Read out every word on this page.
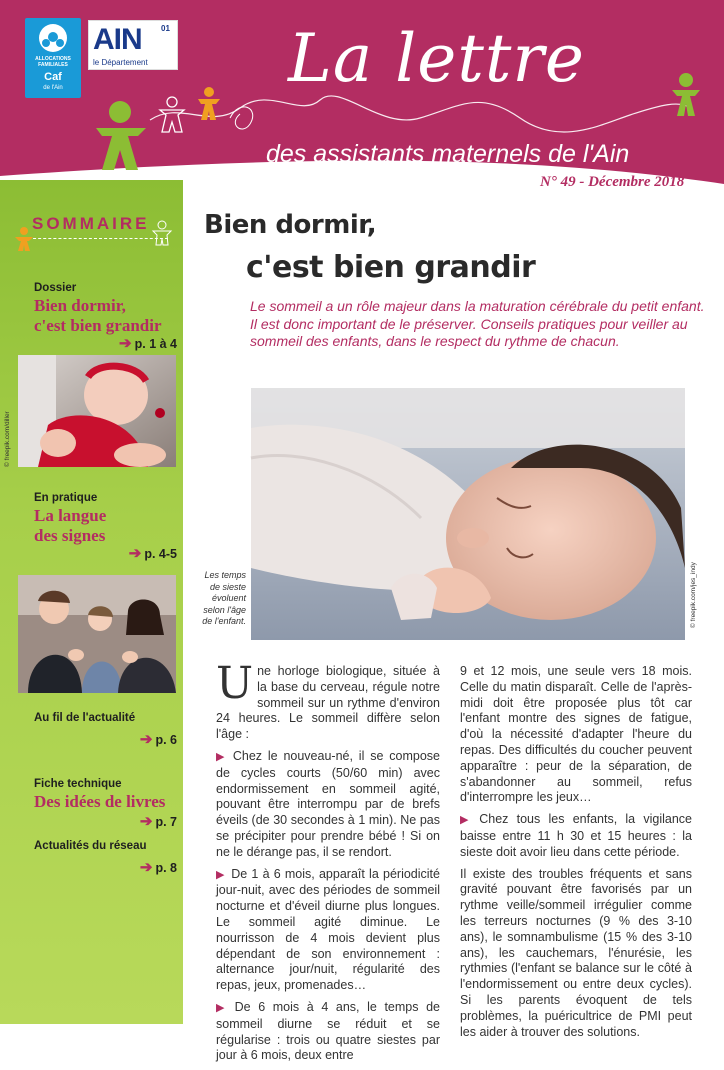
ALLOCATIONS
FAMILIALES
Caf
de l'Ain
AIN 01
le Département La lettre
des assistants maternels de l'Ain
SOMMAIRE
Dossier
Bien dormir,
c'est bien grandir
➔ p. 1 à 4
© freepik.com/diller
En pratique
La langue
des signes
➔ p. 4-5
Au fil de l'actualité
➔ p. 6
Fiche technique
Des idées de livres
➔ p. 7
Actualités du réseau
➔ p. 8
N° 49 - Décembre 2018
Bien dormir,
c'est bien grandir
Le sommeil a un rôle majeur dans la maturation cérébrale du petit enfant. Il est donc important de le préserver. Conseils pratiques pour veiller au sommeil des enfants, dans le respect du rythme de chacun.
© freepik.com/jes_indy
Les temps de sieste évoluent selon l'âge de l'enfant.

Une horloge biologique, située à la base du cerveau, régule notre sommeil sur un rythme d'environ 24 heures. Le sommeil diffère selon l'âge :

▶ Chez le nouveau-né, il se compose de cycles courts (50/60 min) avec endormissement en sommeil agité, pouvant être interrompu par de brefs éveils (de 30 secondes à 1 min). Ne pas se précipiter pour prendre bébé ! Si on ne le dérange pas, il se rendort.

▶ De 1 à 6 mois, apparaît la périodicité jour-nuit, avec des périodes de sommeil nocturne et d'éveil diurne plus longues. Le sommeil agité diminue. Le nourrisson de 4 mois devient plus dépendant de son environnement : alternance jour/nuit, régularité des repas, jeux, promenades…

▶ De 6 mois à 4 ans, le temps de sommeil diurne se réduit et se régularise : trois ou quatre siestes par jour à 6 mois, deux entre

9 et 12 mois, une seule vers 18 mois. Celle du matin disparaît. Celle de l'après-midi doit être proposée plus tôt car l'enfant montre des signes de fatigue, d'où la nécessité d'adapter l'heure du repas. Des difficultés du coucher peuvent apparaître : peur de la séparation, de s'abandonner au sommeil, refus d'interrompre les jeux…

▶ Chez tous les enfants, la vigilance baisse entre 11 h 30 et 15 heures : la sieste doit avoir lieu dans cette période.

Il existe des troubles fréquents et sans gravité pouvant être favorisés par un rythme veille/sommeil irrégulier comme les terreurs nocturnes (9 % des 3-10 ans), le somnambulisme (15 % des 3-10 ans), les cauchemars, l'énurésie, les rythmies (l'enfant se balance sur le côté à l'endormissement ou entre deux cycles). Si les parents évoquent de tels problèmes, la puéricultrice de PMI peut les aider à trouver des solutions.
